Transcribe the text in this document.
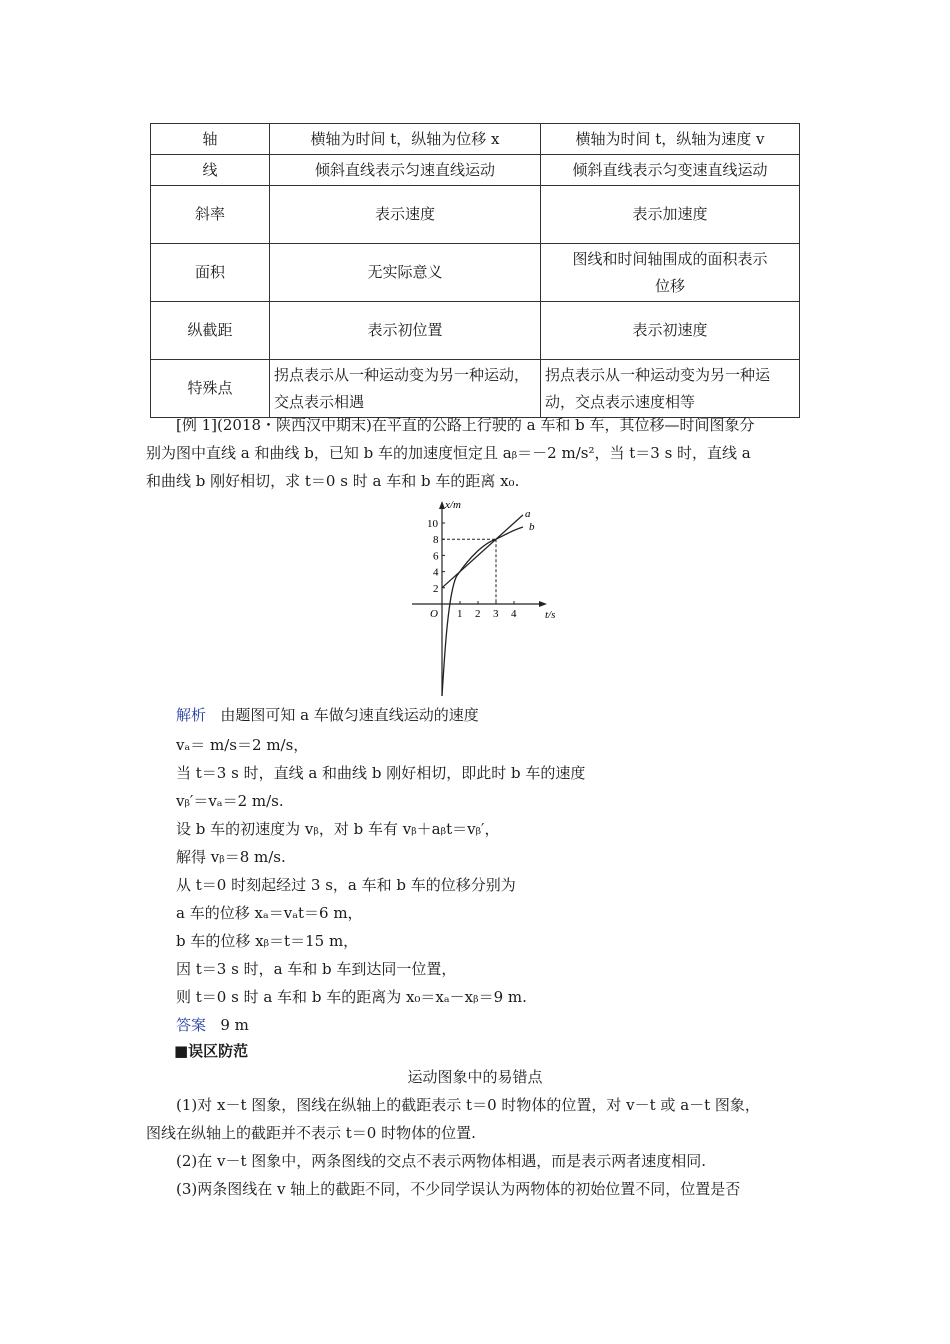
轴	横轴为时间 t，纵轴为位移 x	横轴为时间 t，纵轴为速度 v
线	倾斜直线表示匀速直线运动	倾斜直线表示匀变速直线运动
斜率	表示速度	表示加速度
面积	无实际意义	图线和时间轴围成的面积表示位移
纵截距	表示初位置	表示初速度
特殊点	拐点表示从一种运动变为另一种运动，交点表示相遇	拐点表示从一种运动变为另一种运动，交点表示速度相等
[例 1](2018・陕西汉中期末)在平直的公路上行驶的 a 车和 b 车，其位移—时间图象分
别为图中直线 a 和曲线 b，已知 b 车的加速度恒定且 aᵦ＝－2 m/s²，当 t＝3 s 时，直线 a
和曲线 b 刚好相切，求 t＝0 s 时 a 车和 b 车的距离 x₀.
t/s
x/m
O 1 2 3 4
2
4
6
8
10
a
b
解析 由题图可知 a 车做匀速直线运动的速度
vₐ＝ m/s＝2 m/s，
当 t＝3 s 时，直线 a 和曲线 b 刚好相切，即此时 b 车的速度
vᵦ′＝vₐ＝2 m/s.
设 b 车的初速度为 vᵦ，对 b 车有 vᵦ＋aᵦt＝vᵦ′，
解得 vᵦ＝8 m/s.
从 t＝0 时刻起经过 3 s，a 车和 b 车的位移分别为
a 车的位移 xₐ＝vₐt＝6 m，
b 车的位移 xᵦ＝t＝15 m，
因 t＝3 s 时，a 车和 b 车到达同一位置，
则 t＝0 s 时 a 车和 b 车的距离为 x₀＝xₐ－xᵦ＝9 m.
答案 9 m
■误区防范
运动图象中的易错点
(1)对 x－t 图象，图线在纵轴上的截距表示 t＝0 时物体的位置，对 v－t 或 a－t 图象，
图线在纵轴上的截距并不表示 t＝0 时物体的位置.
(2)在 v－t 图象中，两条图线的交点不表示两物体相遇，而是表示两者速度相同.
(3)两条图线在 v 轴上的截距不同，不少同学误认为两物体的初始位置不同，位置是否
